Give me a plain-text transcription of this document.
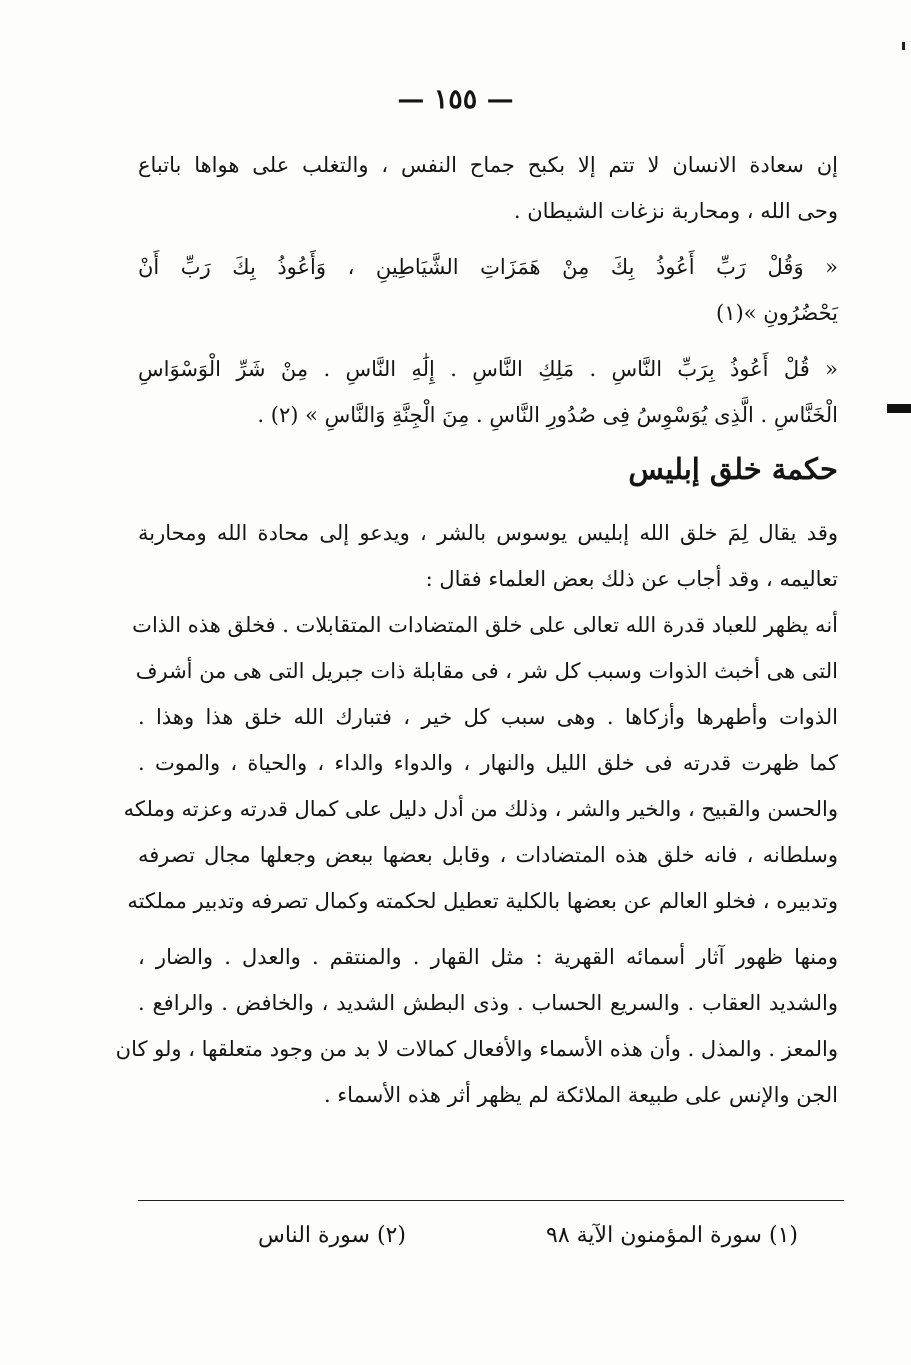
— ١٥٥ —
إن سعادة الانسان لا تتم إلا بكبح جماح النفس ، والتغلب على هواها باتباع
وحى الله ، ومحاربة نزغات الشيطان .
« وَقُلْ رَبِّ أَعُوذُ بِكَ مِنْ هَمَزَاتِ الشَّيَاطِينِ ، وَأَعُوذُ بِكَ رَبِّ أَنْ
يَحْضُرُونِ »(١)
« قُلْ أَعُوذُ بِرَبِّ النَّاسِ . مَلِكِ النَّاسِ . إِلَٰهِ النَّاسِ . مِنْ شَرِّ الْوَسْوَاسِ
الْخَنَّاسِ . الَّذِى يُوَسْوِسُ فِى صُدُورِ النَّاسِ . مِنَ الْجِنَّةِ وَالنَّاسِ » (٢) .
حكمة خلق إبليس
وقد يقال لِمَ خلق الله إبليس يوسوس بالشر ، ويدعو إلى محادة الله ومحاربة
تعاليمه ، وقد أجاب عن ذلك بعض العلماء فقال :
أنه يظهر للعباد قدرة الله تعالى على خلق المتضادات المتقابلات . فخلق هذه الذات
التى هى أخبث الذوات وسبب كل شر ، فى مقابلة ذات جبريل التى هى من أشرف
الذوات وأطهرها وأزكاها . وهى سبب كل خير ، فتبارك الله خلق هذا وهذا .
كما ظهرت قدرته فى خلق الليل والنهار ، والدواء والداء ، والحياة ، والموت .
والحسن والقبيح ، والخير والشر ، وذلك من أدل دليل على كمال قدرته وعزته وملكه
وسلطانه ، فانه خلق هذه المتضادات ، وقابل بعضها ببعض وجعلها مجال تصرفه
وتدبيره ، فخلو العالم عن بعضها بالكلية تعطيل لحكمته وكمال تصرفه وتدبير مملكته
ومنها ظهور آثار أسمائه القهرية : مثل القهار . والمنتقم . والعدل . والضار ،
والشديد العقاب . والسريع الحساب . وذى البطش الشديد ، والخافض . والرافع .
والمعز . والمذل . وأن هذه الأسماء والأفعال كمالات لا بد من وجود متعلقها ، ولو كان
الجن والإنس على طبيعة الملائكة لم يظهر أثر هذه الأسماء .
(١) سورة المؤمنون الآية ٩٨
(٢) سورة الناس
